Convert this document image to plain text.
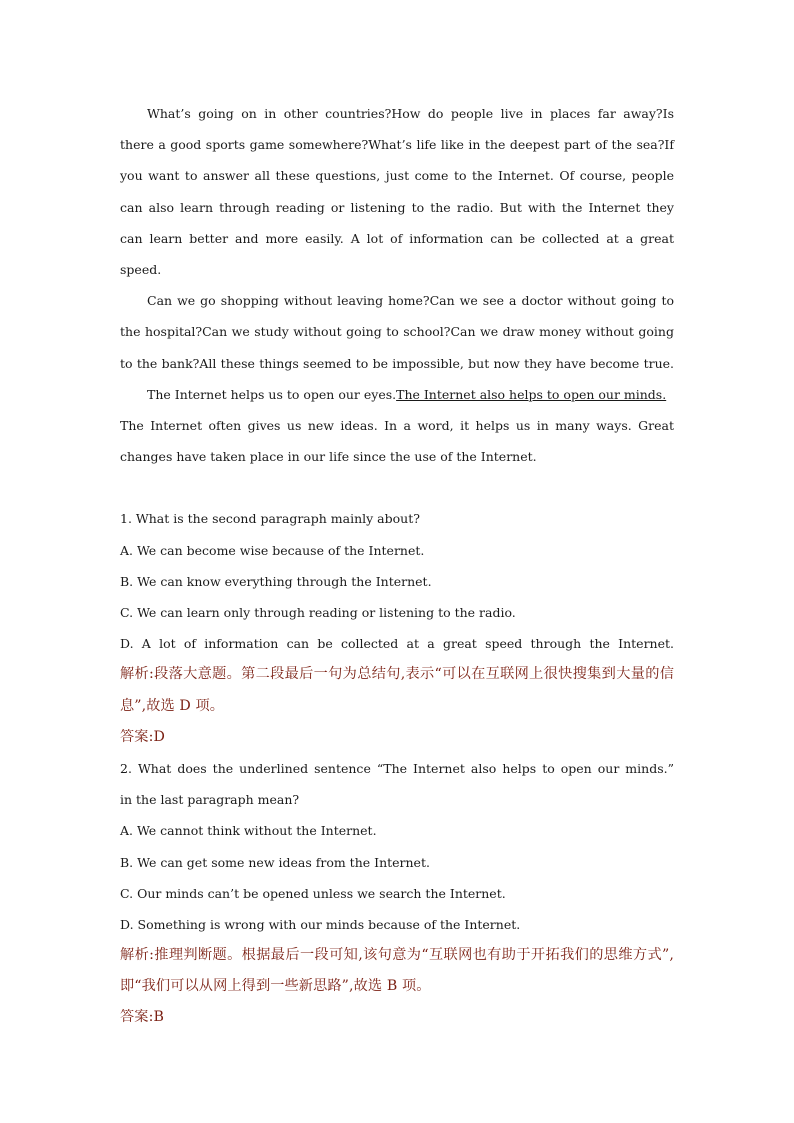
What’s going on in other countries?How do people live in places far away?Is
there a good sports game somewhere?What’s life like in the deepest part of the sea?If
you want to answer all these questions, just come to the Internet. Of course, people
can also learn through reading or listening to the radio. But with the Internet they
can learn better and more easily. A lot of information can be collected at a great
speed.
Can we go shopping without leaving home?Can we see a doctor without going to
the hospital?Can we study without going to school?Can we draw money without going
to the bank?All these things seemed to be impossible, but now they have become true.
The Internet helps us to open our eyes.The Internet also helps to open our minds.
The Internet often gives us new ideas. In a word, it helps us in many ways. Great
changes have taken place in our life since the use of the Internet.
1. What is the second paragraph mainly about?
A. We can become wise because of the Internet.
B. We can know everything through the Internet.
C. We can learn only through reading or listening to the radio.
D. A lot of information can be collected at a great speed through the Internet.
解析:段落大意题。第二段最后一句为总结句,表示“可以在互联网上很快搜集到大量的信
息”,故选 D 项。
答案:D
2. What does the underlined sentence “The Internet also helps to open our minds.”
in the last paragraph mean?
A. We cannot think without the Internet.
B. We can get some new ideas from the Internet.
C. Our minds can’t be opened unless we search the Internet.
D. Something is wrong with our minds because of the Internet.
解析:推理判断题。根据最后一段可知,该句意为“互联网也有助于开拓我们的思维方式”,
即“我们可以从网上得到一些新思路”,故选 B 项。
答案:B
